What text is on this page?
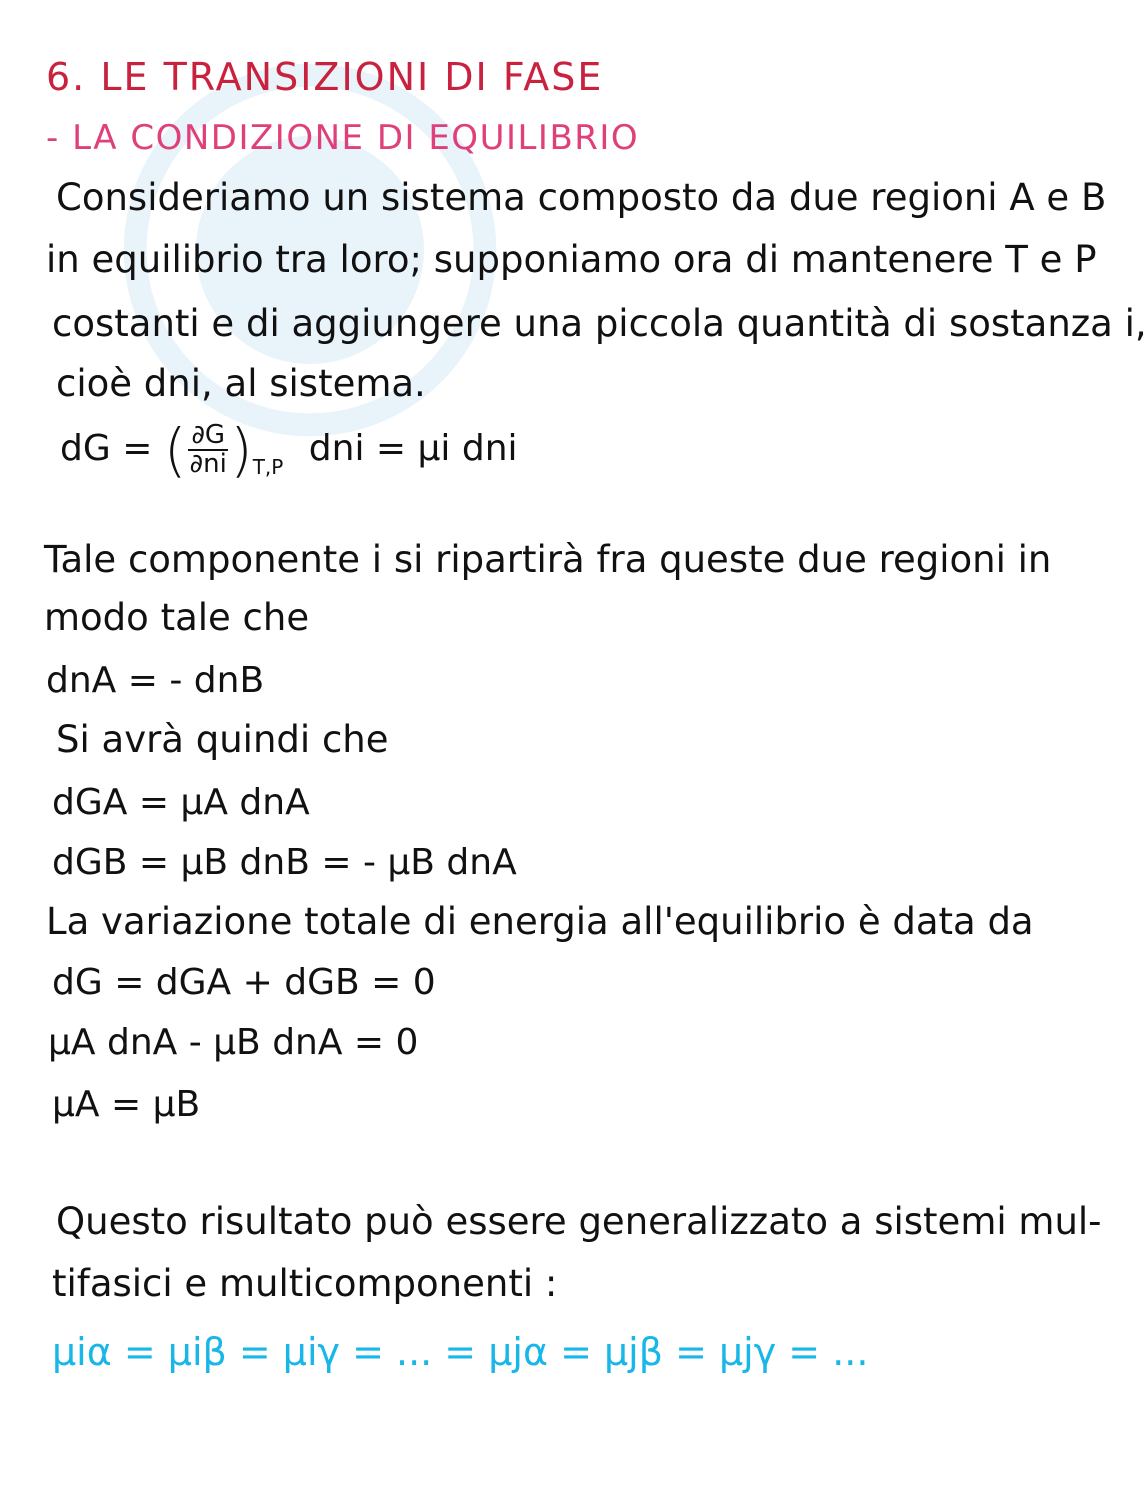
6. LE TRANSIZIONI DI FASE
- LA CONDIZIONE DI EQUILIBRIO
Consideriamo un sistema composto da due regioni A e B
in equilibrio tra loro; supponiamo ora di mantenere T e P
costanti e di aggiungere una piccola quantità di sostanza i,
cioè dni, al sistema.
dG = ( $\frac{\partial G}{\partial ni} )_{T,P}$ dni = μi dni
Tale componente i si ripartirà fra queste due regioni in
modo tale che
dnA = - dnB
Si avrà quindi che
dGA = μA dnA
dGB = μB dnB = - μB dnA
La variazione totale di energia all'equilibrio è data da
dG = dGA + dGB = 0
μA dnA - μB dnA = 0
μA = μB
Questo risultato può essere generalizzato a sistemi mul-
tifasici e multicomponenti :
μiα = μiβ = μiγ = ... = μjα = μjβ = μjγ = ...
